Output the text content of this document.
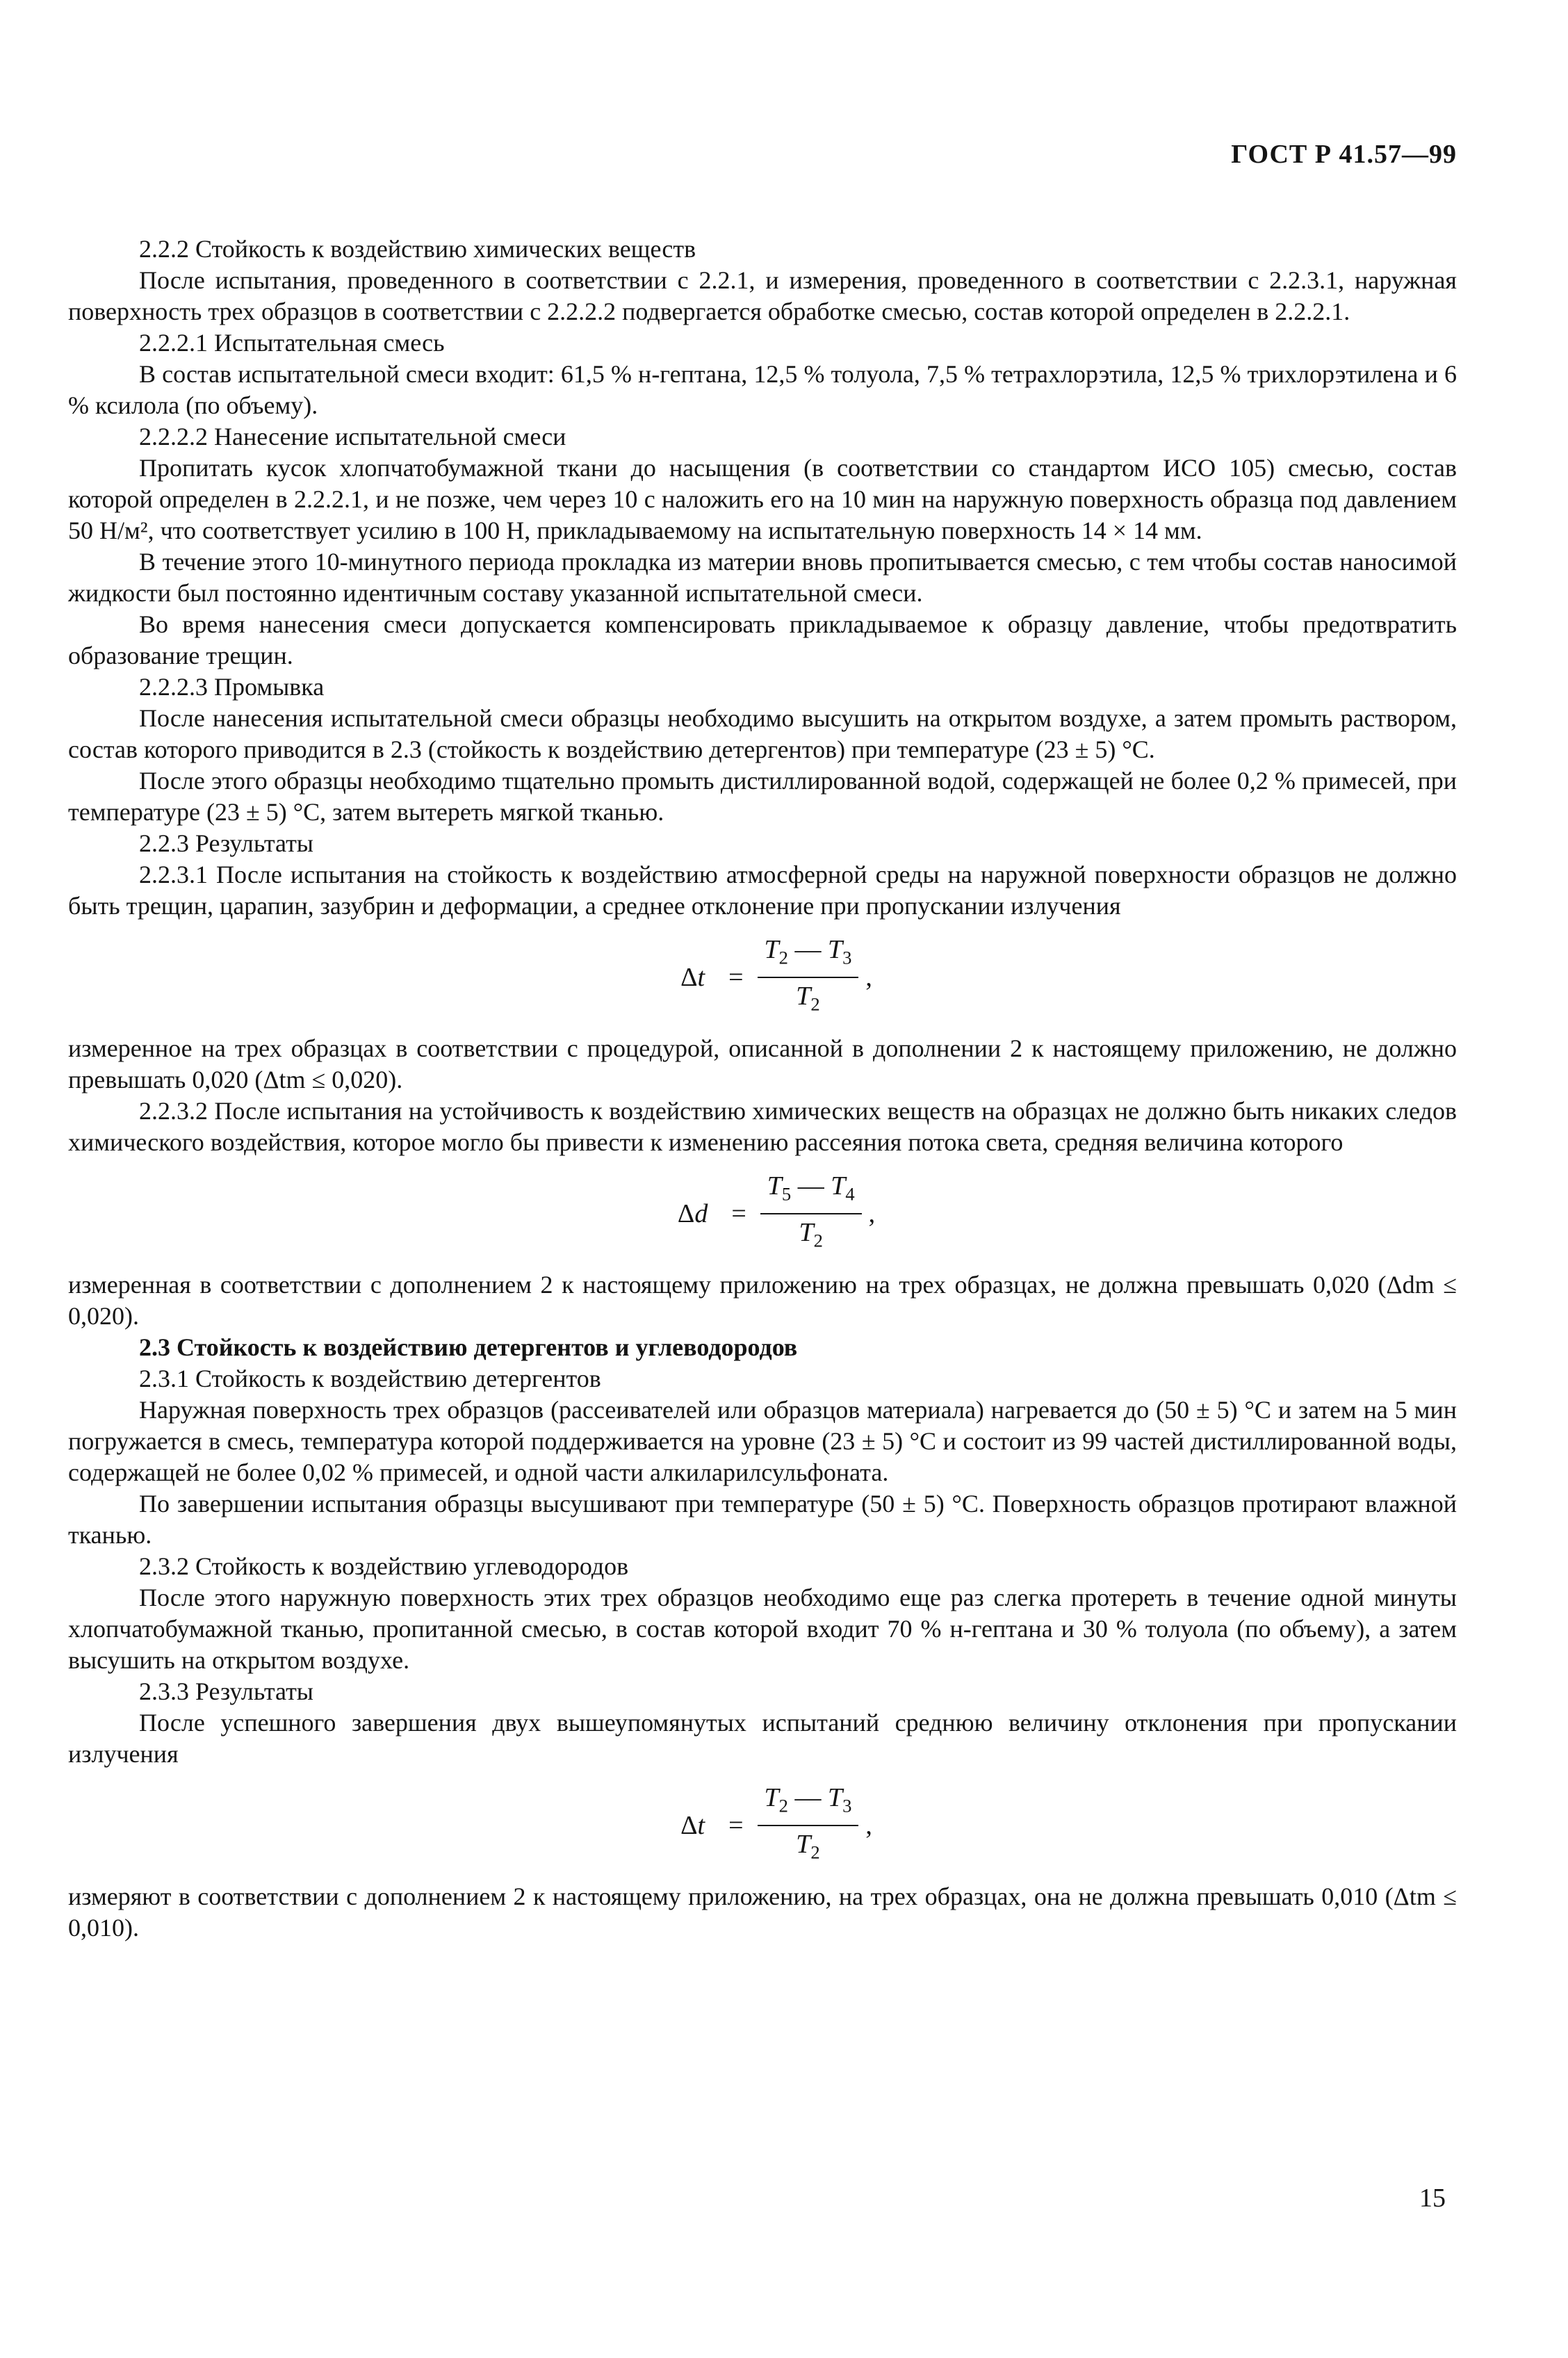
ГОСТ Р 41.57—99

2.2.2 Стойкость к воздействию химических веществ

После испытания, проведенного в соответствии с 2.2.1, и измерения, проведенного в соответствии с 2.2.3.1, наружная поверхность трех образцов в соответствии с 2.2.2.2 подвергается обработке смесью, состав которой определен в 2.2.2.1.

2.2.2.1 Испытательная смесь

В состав испытательной смеси входит: 61,5 % н-гептана, 12,5 % толуола, 7,5 % тетрахлорэтила, 12,5 % трихлорэтилена и 6 % ксилола (по объему).

2.2.2.2 Нанесение испытательной смеси

Пропитать кусок хлопчатобумажной ткани до насыщения (в соответствии со стандартом ИСО 105) смесью, состав которой определен в 2.2.2.1, и не позже, чем через 10 с наложить его на 10 мин на наружную поверхность образца под давлением 50 Н/м², что соответствует усилию в 100 Н, прикладываемому на испытательную поверхность 14 × 14 мм.

В течение этого 10-минутного периода прокладка из материи вновь пропитывается смесью, с тем чтобы состав наносимой жидкости был постоянно идентичным составу указанной испытательной смеси.

Во время нанесения смеси допускается компенсировать прикладываемое к образцу давление, чтобы предотвратить образование трещин.

2.2.2.3 Промывка

После нанесения испытательной смеси образцы необходимо высушить на открытом воздухе, а затем промыть раствором, состав которого приводится в 2.3 (стойкость к воздействию детергентов) при температуре (23 ± 5) °С.

После этого образцы необходимо тщательно промыть дистиллированной водой, содержащей не более 0,2 % примесей, при температуре (23 ± 5) °С, затем вытереть мягкой тканью.

2.2.3 Результаты

2.2.3.1 После испытания на стойкость к воздействию атмосферной среды на наружной поверхности образцов не должно быть трещин, царапин, зазубрин и деформации, а среднее отклонение при пропускании излучения

$\Delta t = \frac{T_2 — T_3}{T_2}$ ,

измеренное на трех образцах в соответствии с процедурой, описанной в дополнении 2 к настоящему приложению, не должно превышать 0,020 (Δtm ≤ 0,020).

2.2.3.2 После испытания на устойчивость к воздействию химических веществ на образцах не должно быть никаких следов химического воздействия, которое могло бы привести к изменению рассеяния потока света, средняя величина которого

$\Delta d = \frac{T_5 — T_4}{T_2}$ ,

измеренная в соответствии с дополнением 2 к настоящему приложению на трех образцах, не должна превышать 0,020 (Δdm ≤ 0,020).

2.3 Стойкость к воздействию детергентов и углеводородов

2.3.1 Стойкость к воздействию детергентов

Наружная поверхность трех образцов (рассеивателей или образцов материала) нагревается до (50 ± 5) °С и затем на 5 мин погружается в смесь, температура которой поддерживается на уровне (23 ± 5) °С и состоит из 99 частей дистиллированной воды, содержащей не более 0,02 % примесей, и одной части алкиларилсульфоната.

По завершении испытания образцы высушивают при температуре (50 ± 5) °С. Поверхность образцов протирают влажной тканью.

2.3.2 Стойкость к воздействию углеводородов

После этого наружную поверхность этих трех образцов необходимо еще раз слегка протереть в течение одной минуты хлопчатобумажной тканью, пропитанной смесью, в состав которой входит 70 % н-гептана и 30 % толуола (по объему), а затем высушить на открытом воздухе.

2.3.3 Результаты

После успешного завершения двух вышеупомянутых испытаний среднюю величину отклонения при пропускании излучения

$\Delta t = \frac{T_2 — T_3}{T_2}$ ,

измеряют в соответствии с дополнением 2 к настоящему приложению, на трех образцах, она не должна превышать 0,010 (Δtm ≤ 0,010).

15
